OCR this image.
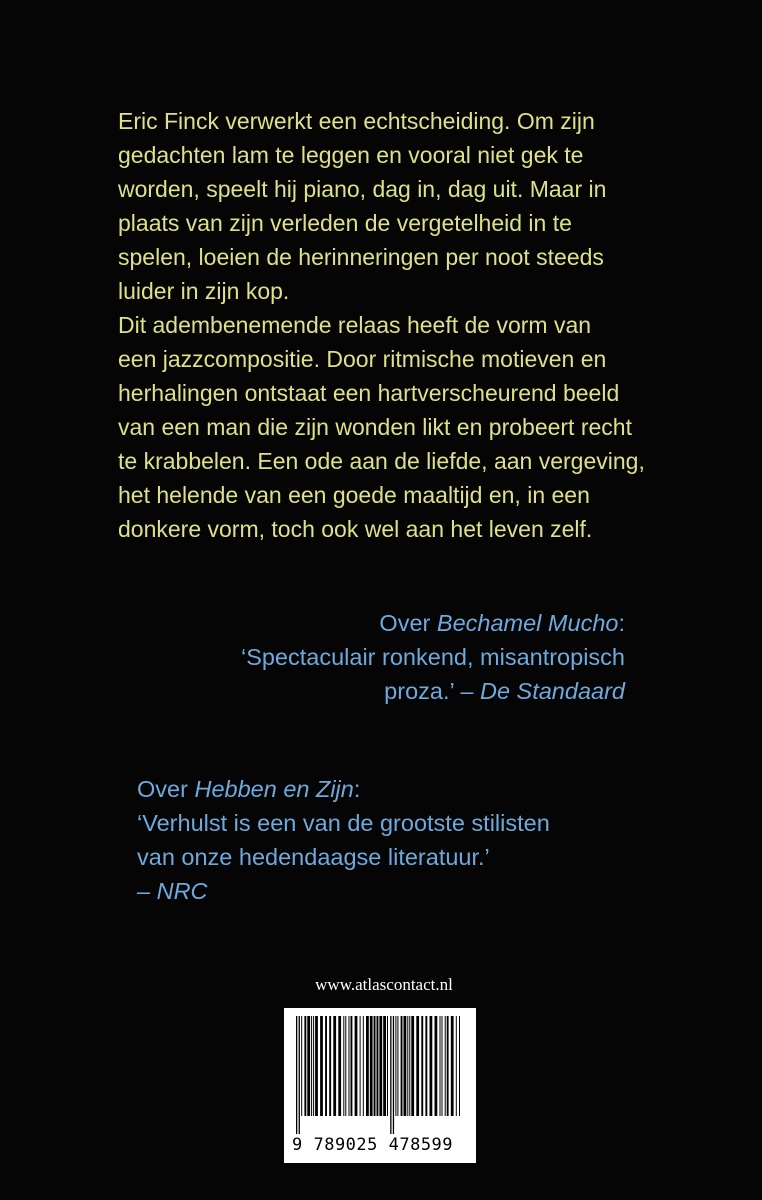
Eric Finck verwerkt een echtscheiding. Om zijn
gedachten lam te leggen en vooral niet gek te
worden, speelt hij piano, dag in, dag uit. Maar in
plaats van zijn verleden de vergetelheid in te
spelen, loeien de herinneringen per noot steeds
luider in zijn kop.

Dit adembenemende relaas heeft de vorm van
een jazzcompositie. Door ritmische motieven en
herhalingen ontstaat een hartverscheurend beeld
van een man die zijn wonden likt en probeert recht
te krabbelen. Een ode aan de liefde, aan vergeving,
het helende van een goede maaltijd en, in een
donkere vorm, toch ook wel aan het leven zelf.

Over Bechamel Mucho:
‘Spectaculair ronkend, misantropisch
proza.’ – De Standaard
Over Hebben en Zijn:
‘Verhulst is een van de grootste stilisten
van onze hedendaagse literatuur.’
– NRC
www.atlascontact.nl
9 789025 478599
